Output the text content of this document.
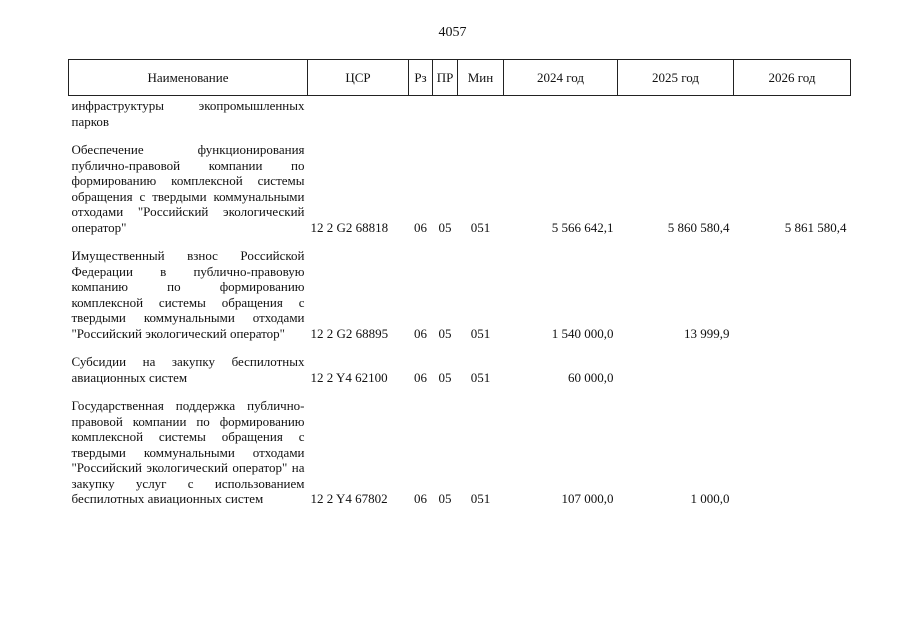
4057
Наименование	ЦСР	Рз	ПР	Мин	2024 год	2025 год	2026 год
инфраструктуры экопромышленных парков							
Обеспечение функционирования публично-правовой компании по формированию комплексной системы обращения с твердыми коммунальными отходами "Российский экологический оператор"	12 2 G2 68818	06	05	051	5 566 642,1	5 860 580,4	5 861 580,4
Имущественный взнос Российской Федерации в публично-правовую компанию по формированию комплексной системы обращения с твердыми коммунальными отходами "Российский экологический оператор"	12 2 G2 68895	06	05	051	1 540 000,0	13 999,9	
Субсидии на закупку беспилотных авиационных систем	12 2 Y4 62100	06	05	051	60 000,0		
Государственная поддержка публично-правовой компании по формированию комплексной системы обращения с твердыми коммунальными отходами "Российский экологический оператор" на закупку услуг с использованием беспилотных авиационных систем	12 2 Y4 67802	06	05	051	107 000,0	1 000,0	
